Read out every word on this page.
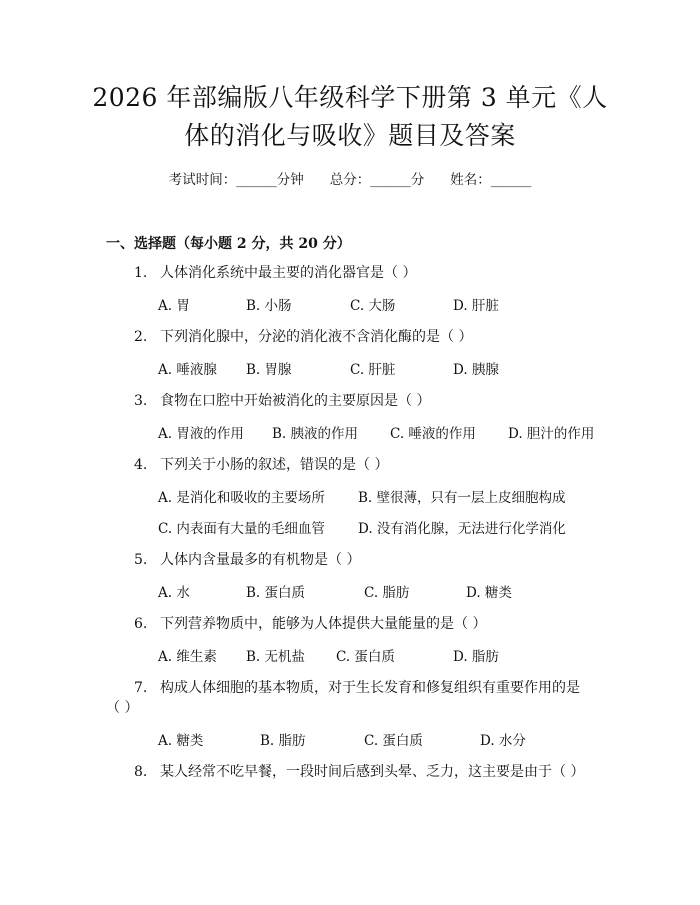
2026 年部编版八年级科学下册第 3 单元《人
体的消化与吸收》题目及答案
考试时间：______分钟 总分：______分 姓名：______
一、选择题（每小题 2 分，共 20 分）
1. 人体消化系统中最主要的消化器官是（ ）
A. 胃	B. 小肠	C. 大肠	D. 肝脏
2. 下列消化腺中，分泌的消化液不含消化酶的是（ ）
A. 唾液腺 B. 胃腺	C. 肝脏	D. 胰腺
3. 食物在口腔中开始被消化的主要原因是（ ）
A. 胃液的作用 B. 胰液的作用 C. 唾液的作用 D. 胆汁的作用
4. 下列关于小肠的叙述，错误的是（ ）
A. 是消化和吸收的主要场所 B. 壁很薄，只有一层上皮细胞构成
C. 内表面有大量的毛细血管 D. 没有消化腺，无法进行化学消化
5. 人体内含量最多的有机物是（ ）
A. 水	B. 蛋白质	C. 脂肪	D. 糖类
6. 下列营养物质中，能够为人体提供大量能量的是（ ）
A. 维生素 B. 无机盐 C. 蛋白质	D. 脂肪
7. 构成人体细胞的基本物质，对于生长发育和修复组织有重要作用的是
（ ）
A. 糖类	B. 脂肪	C. 蛋白质	D. 水分
8. 某人经常不吃早餐，一段时间后感到头晕、乏力，这主要是由于（ ）
